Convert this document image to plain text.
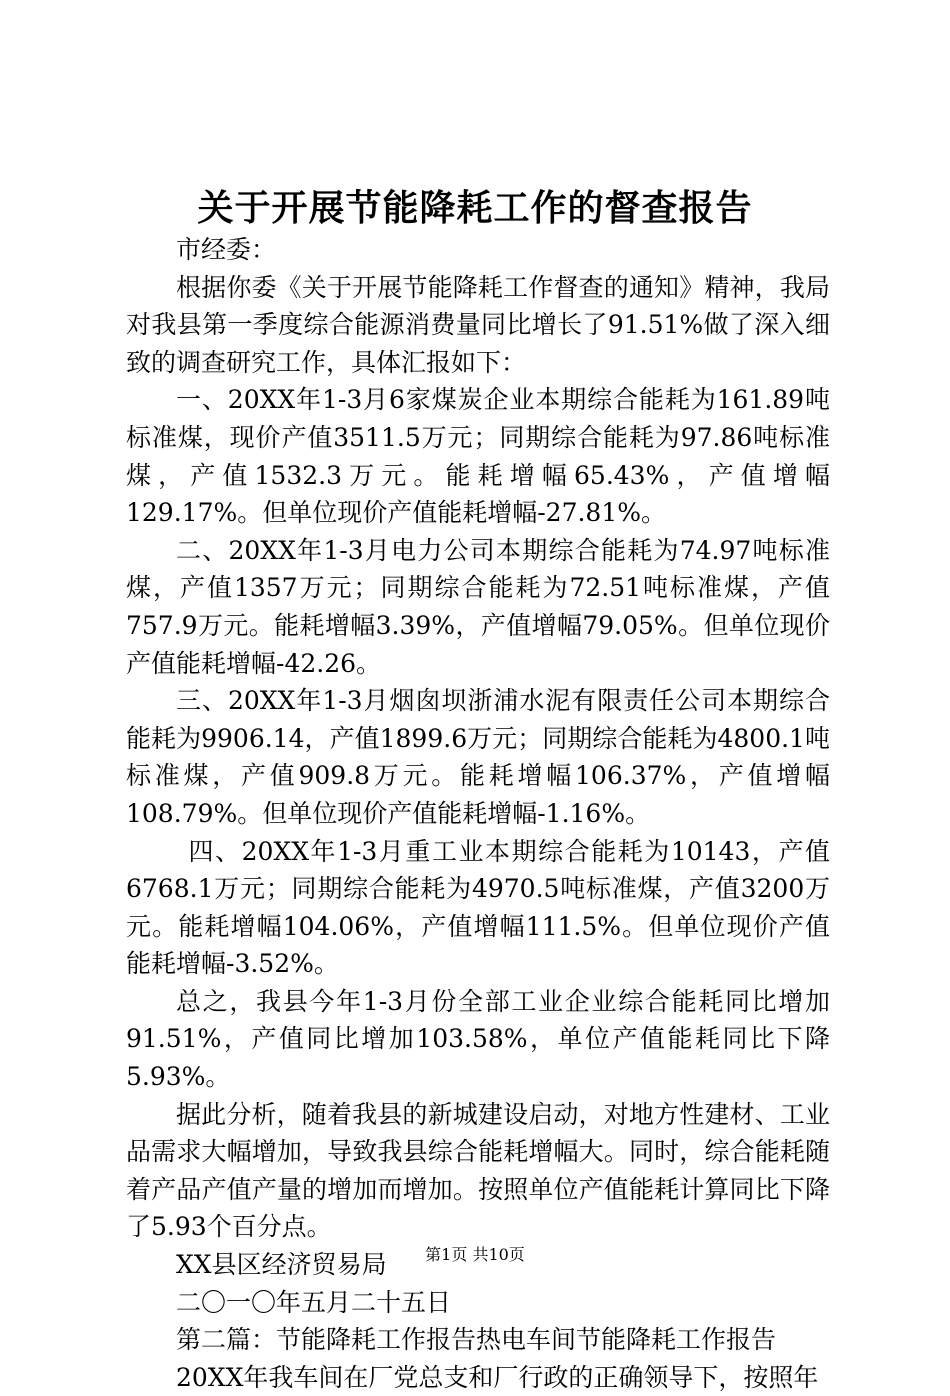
关于开展节能降耗工作的督查报告

市经委：

根据你委《关于开展节能降耗工作督查的通知》精神，我局对我县第一季度综合能源消费量同比增长了91.51%做了深入细致的调查研究工作，具体汇报如下：

一、20XX年1-3月6家煤炭企业本期综合能耗为161.89吨标准煤，现价产值3511.5万元；同期综合能耗为97.86吨标准煤，产值1532.3万元。能耗增幅65.43%，产值增幅129.17%。但单位现价产值能耗增幅-27.81%。

二、20XX年1-3月电力公司本期综合能耗为74.97吨标准煤，产值1357万元；同期综合能耗为72.51吨标准煤，产值757.9万元。能耗增幅3.39%，产值增幅79.05%。但单位现价产值能耗增幅-42.26。

三、20XX年1-3月烟囱坝浙浦水泥有限责任公司本期综合能耗为9906.14，产值1899.6万元；同期综合能耗为4800.1吨标准煤，产值909.8万元。能耗增幅106.37%，产值增幅108.79%。但单位现价产值能耗增幅-1.16%。

四、20XX年1-3月重工业本期综合能耗为10143，产值6768.1万元；同期综合能耗为4970.5吨标准煤，产值3200万元。能耗增幅104.06%，产值增幅111.5%。但单位现价产值能耗增幅-3.52%。

总之，我县今年1-3月份全部工业企业综合能耗同比增加91.51%，产值同比增加103.58%，单位产值能耗同比下降5.93%。

据此分析，随着我县的新城建设启动，对地方性建材、工业品需求大幅增加，导致我县综合能耗增幅大。同时，综合能耗随着产品产值产量的增加而增加。按照单位产值能耗计算同比下降了5.93个百分点。

XX县区经济贸易局

二〇一〇年五月二十五日

第二篇：节能降耗工作报告热电车间节能降耗工作报告

20XX年我车间在厂党总支和厂行政的正确领导下，按照年

第1页 共10页
